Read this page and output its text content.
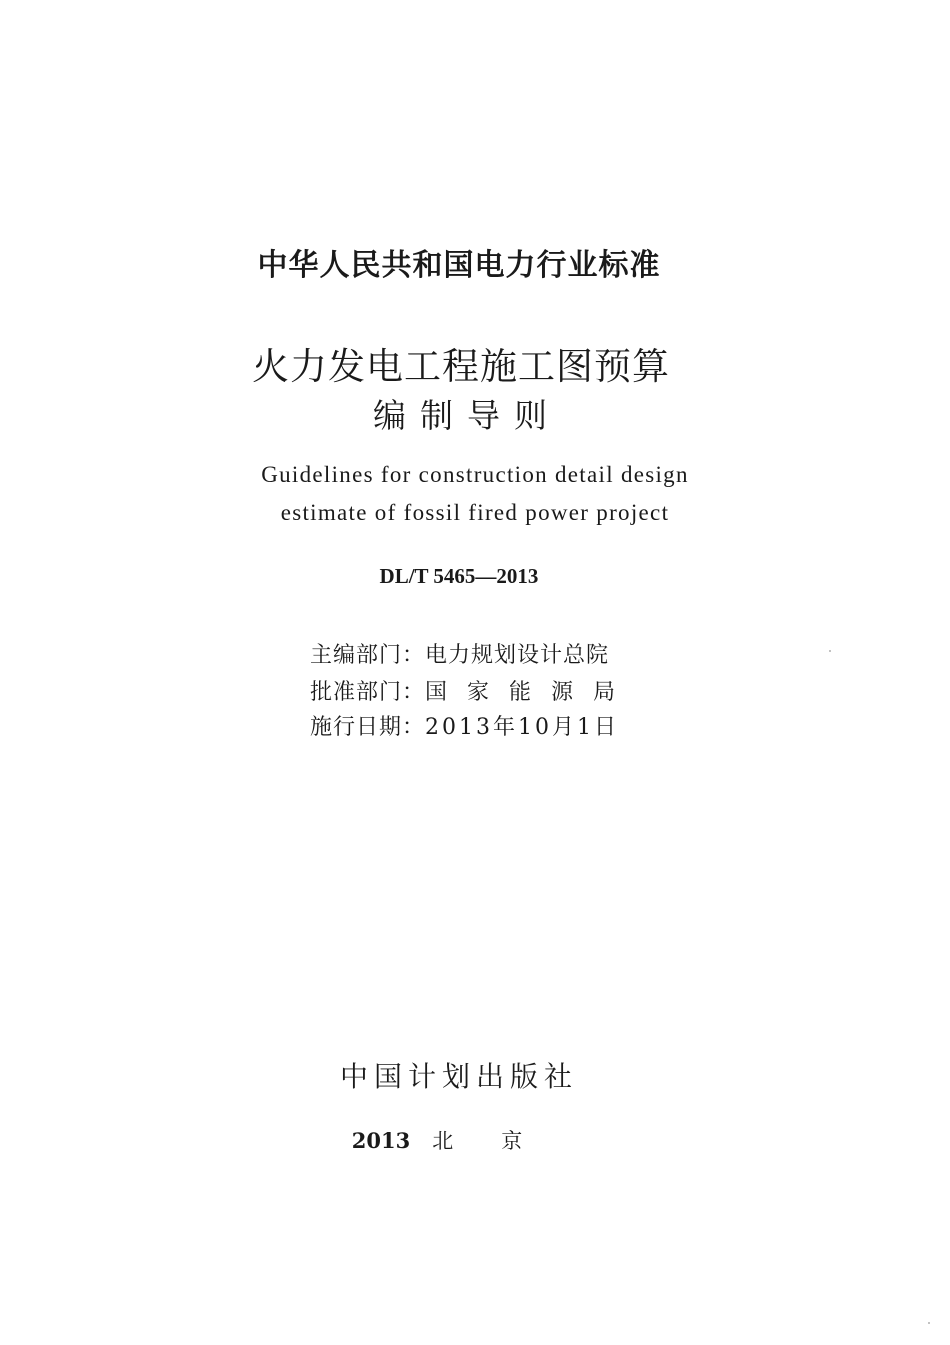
中华人民共和国电力行业标准
火力发电工程施工图预算
编制导则
Guidelines for construction detail design
estimate of fossil fired power project
DL/T 5465—2013
主编部门：电力规划设计总院
批准部门：国家能源局
施行日期：2013年10月1日
中国计划出版社
2013 北京
